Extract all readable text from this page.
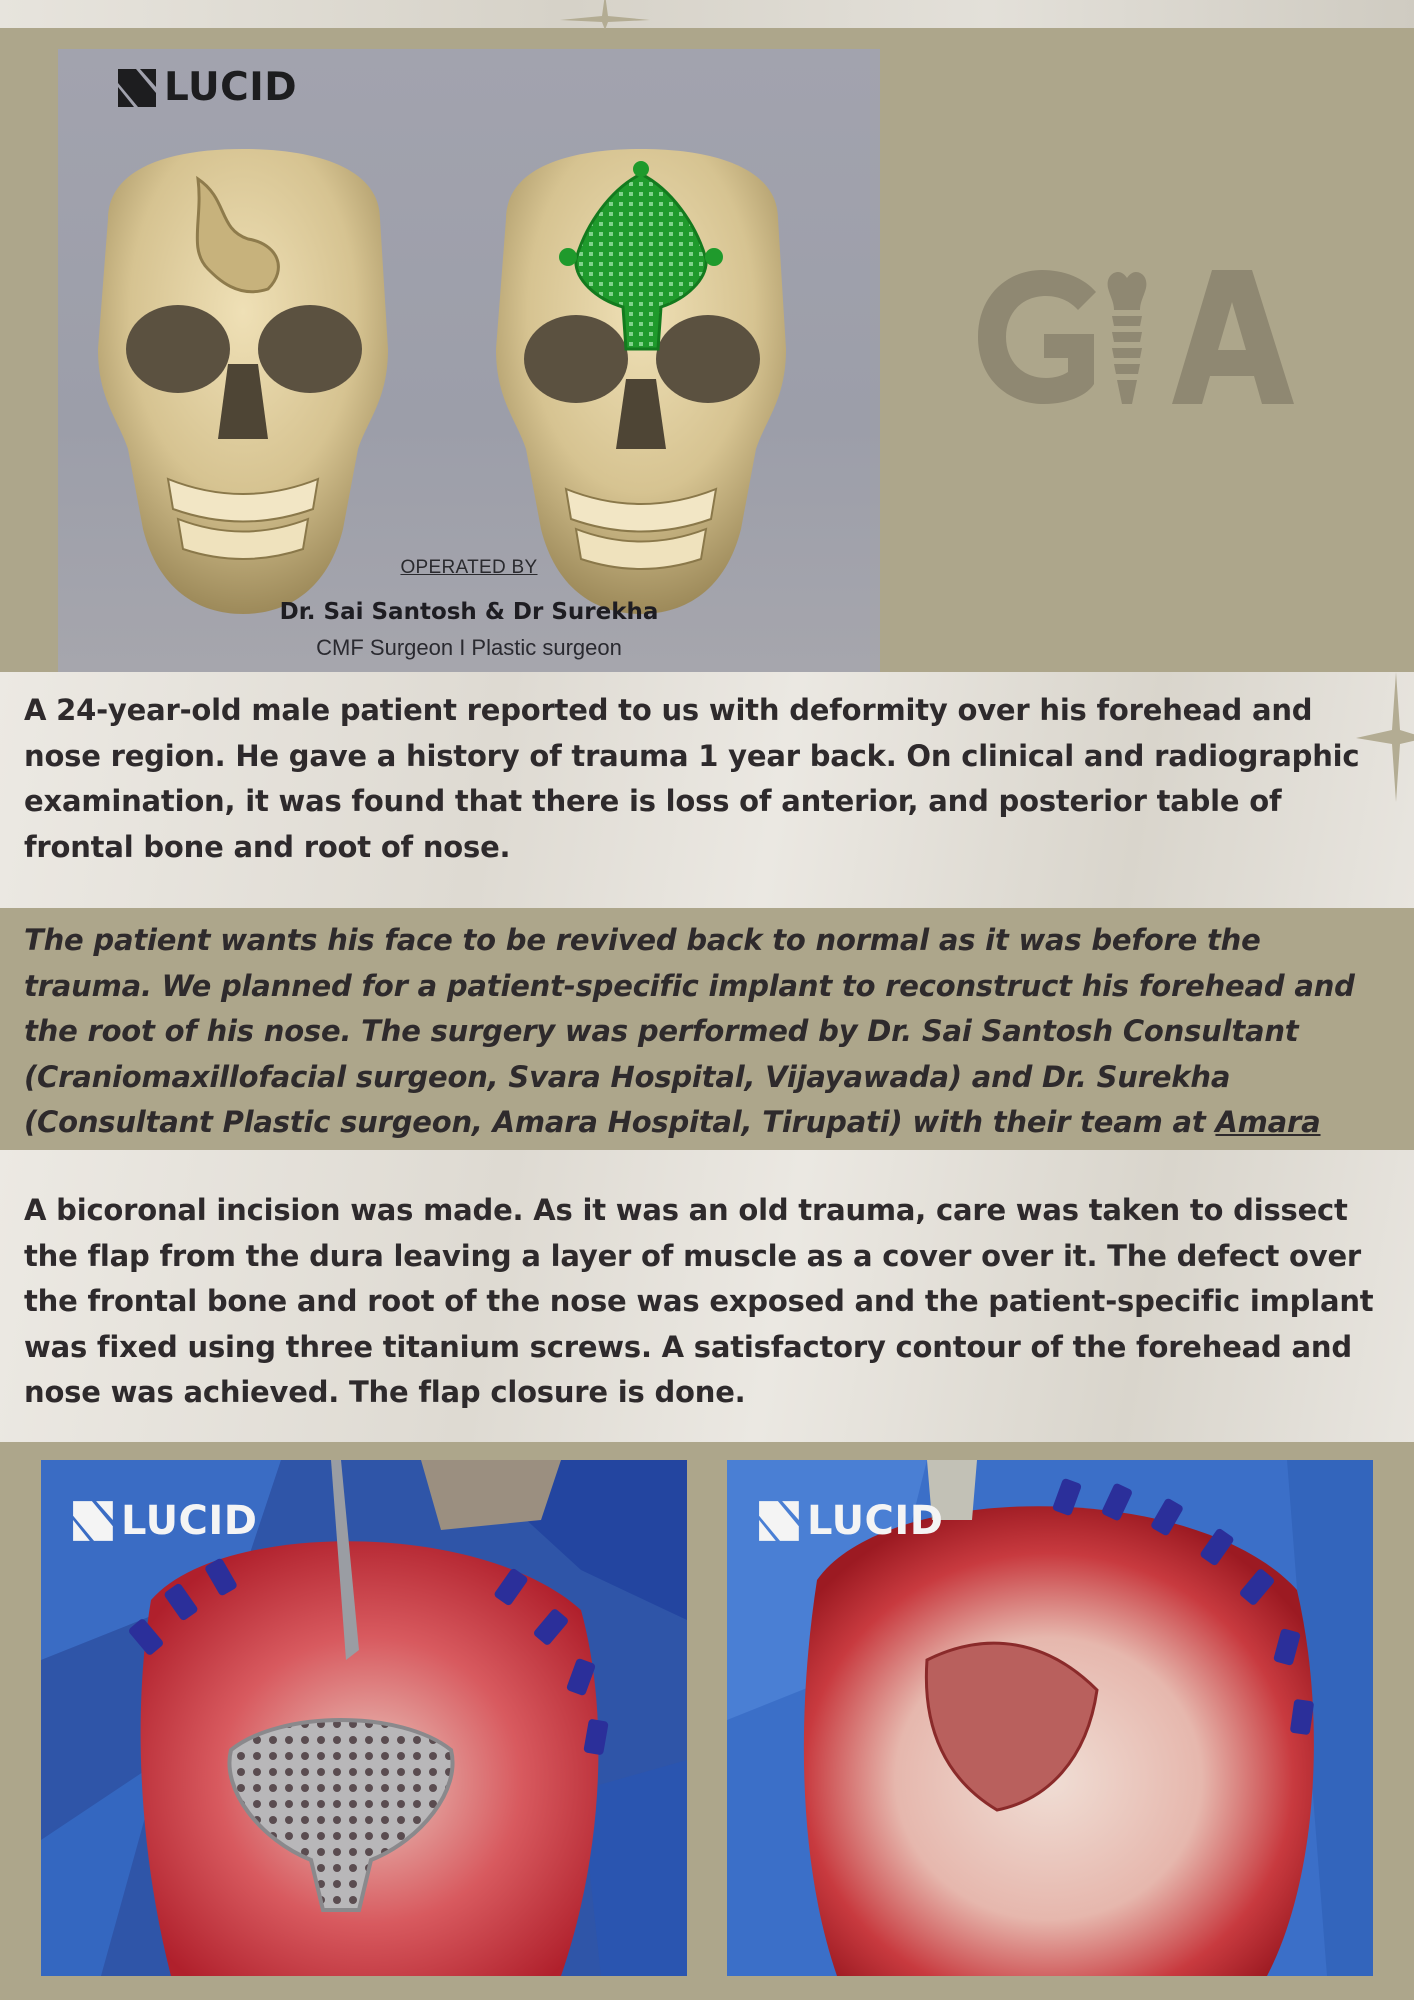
LUCID
OPERATED BY
Dr. Sai Santosh & Dr Surekha
CMF Surgeon I Plastic surgeon

A 24-year-old male patient reported to us with deformity over his forehead and nose region. He gave a history of trauma 1 year back. On clinical and radiographic examination, it was found that there is loss of anterior, and posterior table of frontal bone and root of nose.

The patient wants his face to be revived back to normal as it was before the trauma. We planned for a patient-specific implant to reconstruct his forehead and the root of his nose. The surgery was performed by Dr. Sai Santosh Consultant (Craniomaxillofacial surgeon, Svara Hospital, Vijayawada) and Dr. Surekha (Consultant Plastic surgeon, Amara Hospital, Tirupati) with their team at Amara

A bicoronal incision was made. As it was an old trauma, care was taken to dissect the flap from the dura leaving a layer of muscle as a cover over it. The defect over the frontal bone and root of the nose was exposed and the patient-specific implant was fixed using three titanium screws. A satisfactory contour of the forehead and nose was achieved. The flap closure is done.

LUCID	LUCID
